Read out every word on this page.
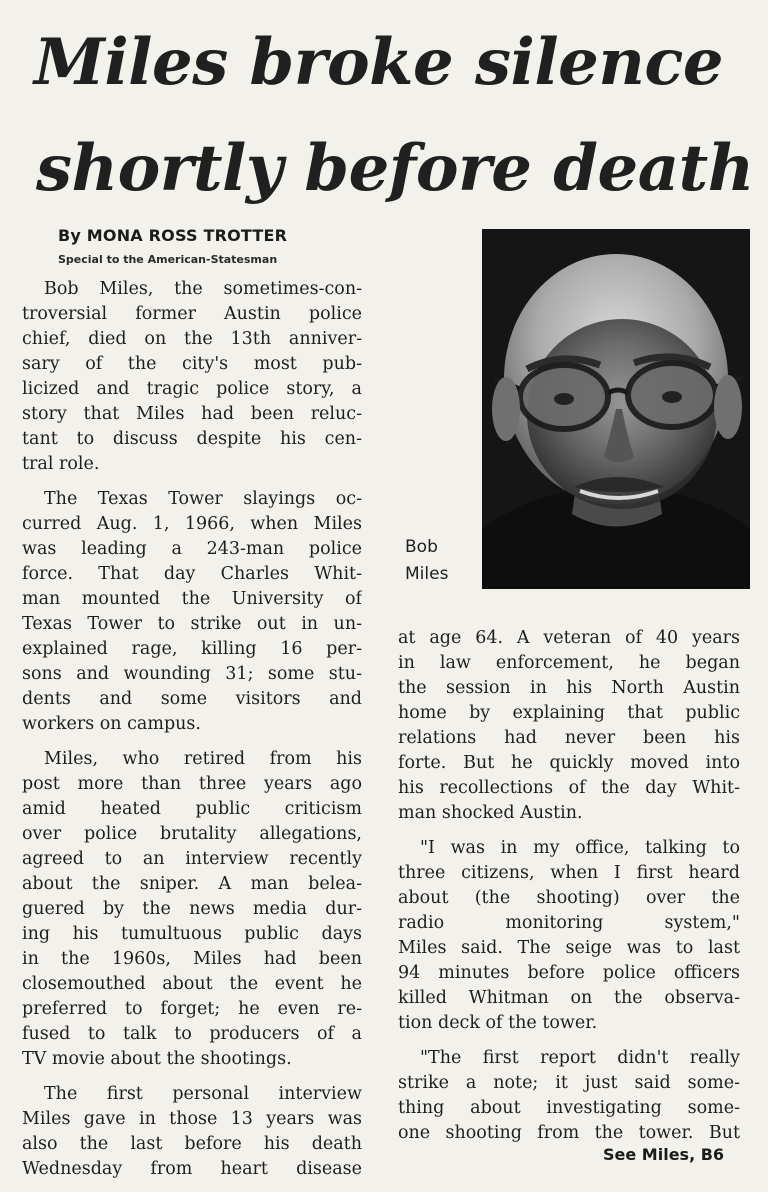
Miles broke silence
shortly before death
By MONA ROSS TROTTER
Special to the American-Statesman

Bob Miles, the sometimes-con-
troversial former Austin police
chief, died on the 13th anniver-
sary of the city's most pub-
licized and tragic police story, a
story that Miles had been reluc-
tant to discuss despite his cen-
tral role.

The Texas Tower slayings oc-
curred Aug. 1, 1966, when Miles
was leading a 243-man police
force. That day Charles Whit-
man mounted the University of
Texas Tower to strike out in un-
explained rage, killing 16 per-
sons and wounding 31; some stu-
dents and some visitors and
workers on campus.

Miles, who retired from his
post more than three years ago
amid heated public criticism
over police brutality allegations,
agreed to an interview recently
about the sniper. A man belea-
guered by the news media dur-
ing his tumultuous public days
in the 1960s, Miles had been
closemouthed about the event he
preferred to forget; he even re-
fused to talk to producers of a
TV movie about the shootings.

The first personal interview
Miles gave in those 13 years was
also the last before his death
Wednesday from heart disease

Bob
Miles

at age 64. A veteran of 40 years
in law enforcement, he began
the session in his North Austin
home by explaining that public
relations had never been his
forte. But he quickly moved into
his recollections of the day Whit-
man shocked Austin.

"I was in my office, talking to
three citizens, when I first heard
about (the shooting) over the
radio monitoring system,"
Miles said. The seige was to last
94 minutes before police officers
killed Whitman on the observa-
tion deck of the tower.

"The first report didn't really
strike a note; it just said some-
thing about investigating some-
one shooting from the tower. But

See Miles, B6
